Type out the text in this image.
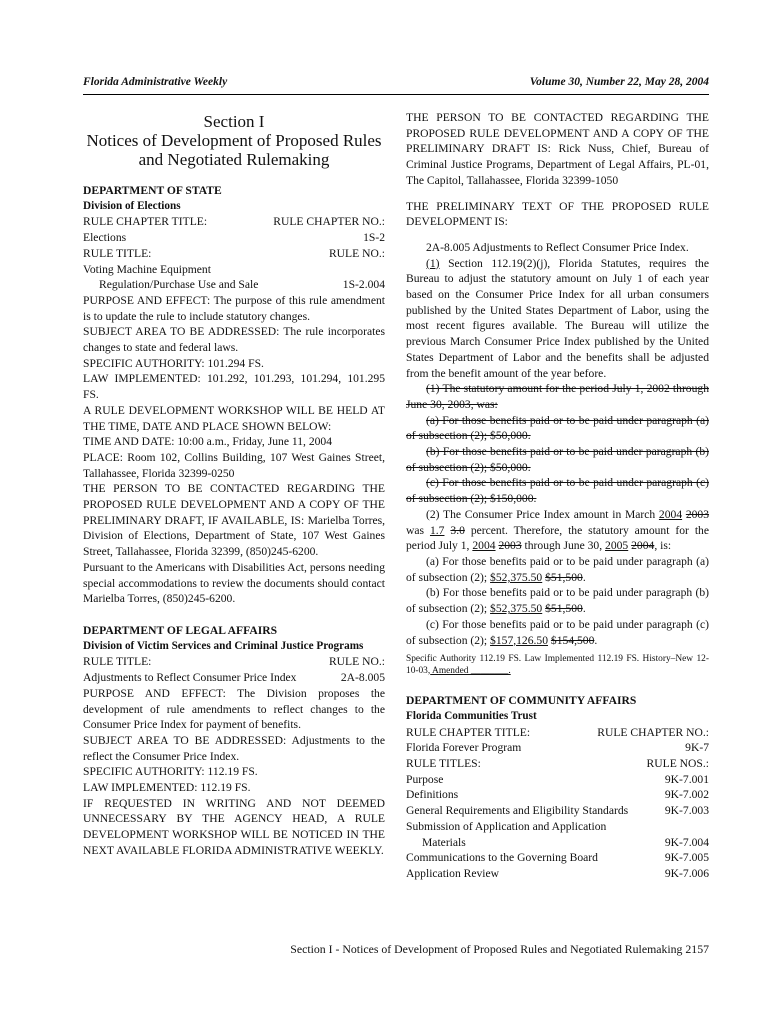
Florida Administrative Weekly	Volume 30, Number 22, May 28, 2004
Section I
Notices of Development of Proposed Rules
and Negotiated Rulemaking
DEPARTMENT OF STATE
Division of Elections
RULE CHAPTER TITLE:	RULE CHAPTER NO.:
Elections	1S-2
RULE TITLE:	RULE NO.:
Voting Machine Equipment
Regulation/Purchase Use and Sale	1S-2.004
PURPOSE AND EFFECT: The purpose of this rule amendment is to update the rule to include statutory changes.
SUBJECT AREA TO BE ADDRESSED: The rule incorporates changes to state and federal laws.
SPECIFIC AUTHORITY: 101.294 FS.
LAW IMPLEMENTED: 101.292, 101.293, 101.294, 101.295 FS.
A RULE DEVELOPMENT WORKSHOP WILL BE HELD AT THE TIME, DATE AND PLACE SHOWN BELOW:
TIME AND DATE: 10:00 a.m., Friday, June 11, 2004
PLACE: Room 102, Collins Building, 107 West Gaines Street, Tallahassee, Florida 32399-0250
THE PERSON TO BE CONTACTED REGARDING THE PROPOSED RULE DEVELOPMENT AND A COPY OF THE PRELIMINARY DRAFT, IF AVAILABLE, IS: Marielba Torres, Division of Elections, Department of State, 107 West Gaines Street, Tallahassee, Florida 32399, (850)245-6200.
Pursuant to the Americans with Disabilities Act, persons needing special accommodations to review the documents should contact Marielba Torres, (850)245-6200.
DEPARTMENT OF LEGAL AFFAIRS
Division of Victim Services and Criminal Justice Programs
RULE TITLE:	RULE NO.:
Adjustments to Reflect Consumer Price Index	2A-8.005
PURPOSE AND EFFECT: The Division proposes the development of rule amendments to reflect changes to the Consumer Price Index for payment of benefits.
SUBJECT AREA TO BE ADDRESSED: Adjustments to the reflect the Consumer Price Index.
SPECIFIC AUTHORITY: 112.19 FS.
LAW IMPLEMENTED: 112.19 FS.
IF REQUESTED IN WRITING AND NOT DEEMED UNNECESSARY BY THE AGENCY HEAD, A RULE DEVELOPMENT WORKSHOP WILL BE NOTICED IN THE NEXT AVAILABLE FLORIDA ADMINISTRATIVE WEEKLY.
THE PERSON TO BE CONTACTED REGARDING THE PROPOSED RULE DEVELOPMENT AND A COPY OF THE PRELIMINARY DRAFT IS: Rick Nuss, Chief, Bureau of Criminal Justice Programs, Department of Legal Affairs, PL-01, The Capitol, Tallahassee, Florida 32399-1050
THE PRELIMINARY TEXT OF THE PROPOSED RULE DEVELOPMENT IS:
2A-8.005 Adjustments to Reflect Consumer Price Index.
(1) Section 112.19(2)(j), Florida Statutes, requires the Bureau to adjust the statutory amount on July 1 of each year based on the Consumer Price Index for all urban consumers published by the United States Department of Labor, using the most recent figures available. The Bureau will utilize the previous March Consumer Price Index published by the United States Department of Labor and the benefits shall be adjusted from the benefit amount of the year before.
(1) The statutory amount for the period July 1, 2002 through June 30, 2003, was:
(a) For those benefits paid or to be paid under paragraph (a) of subsection (2); $50,000.
(b) For those benefits paid or to be paid under paragraph (b) of subsection (2); $50,000.
(c) For those benefits paid or to be paid under paragraph (c) of subsection (2); $150,000.
(2) The Consumer Price Index amount in March 2004 2003 was 1.7 3.0 percent. Therefore, the statutory amount for the period July 1, 2004 2003 through June 30, 2005 2004, is:
(a) For those benefits paid or to be paid under paragraph (a) of subsection (2); $52,375.50 $51,500.
(b) For those benefits paid or to be paid under paragraph (b) of subsection (2); $52,375.50 $51,500.
(c) For those benefits paid or to be paid under paragraph (c) of subsection (2); $157,126.50 $154,500.
Specific Authority 112.19 FS. Law Implemented 112.19 FS. History–New 12-10-03, Amended ________.
DEPARTMENT OF COMMUNITY AFFAIRS
Florida Communities Trust
RULE CHAPTER TITLE:	RULE CHAPTER NO.:
Florida Forever Program	9K-7
RULE TITLES:	RULE NOS.:
Purpose	9K-7.001
Definitions	9K-7.002
General Requirements and Eligibility Standards	9K-7.003
Submission of Application and Application
Materials	9K-7.004
Communications to the Governing Board	9K-7.005
Application Review	9K-7.006
Section I - Notices of Development of Proposed Rules and Negotiated Rulemaking 2157
